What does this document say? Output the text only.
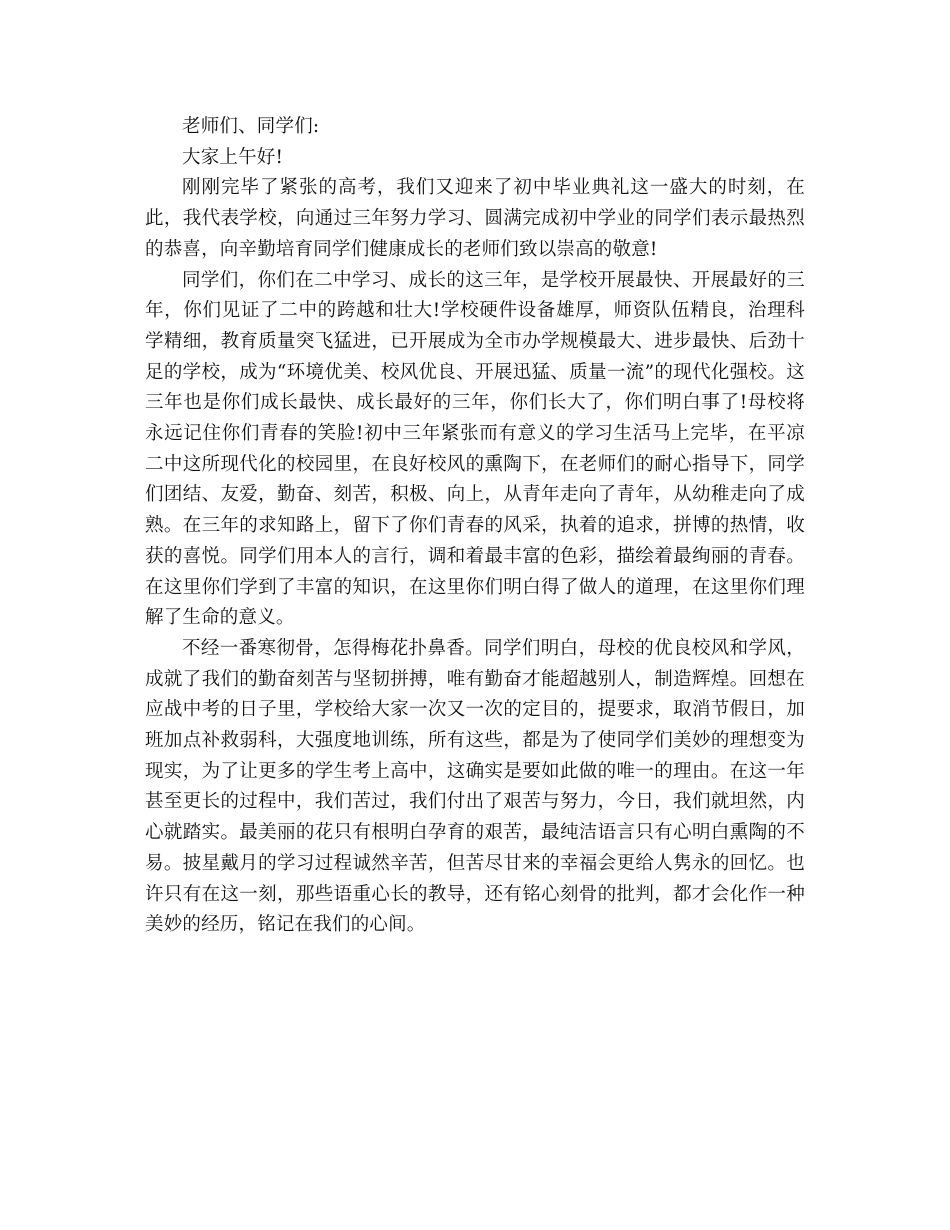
老师们、同学们:

大家上午好!

刚刚完毕了紧张的高考，我们又迎来了初中毕业典礼这一盛大的时刻，在此，我代表学校，向通过三年努力学习、圆满完成初中学业的同学们表示最热烈的恭喜，向辛勤培育同学们健康成长的老师们致以崇高的敬意!

同学们，你们在二中学习、成长的这三年，是学校开展最快、开展最好的三年，你们见证了二中的跨越和壮大!学校硬件设备雄厚，师资队伍精良，治理科学精细，教育质量突飞猛进，已开展成为全市办学规模最大、进步最快、后劲十足的学校，成为“环境优美、校风优良、开展迅猛、质量一流”的现代化强校。这三年也是你们成长最快、成长最好的三年，你们长大了，你们明白事了!母校将永远记住你们青春的笑脸!初中三年紧张而有意义的学习生活马上完毕，在平凉二中这所现代化的校园里，在良好校风的熏陶下，在老师们的耐心指导下，同学们团结、友爱，勤奋、刻苦，积极、向上，从青年走向了青年，从幼稚走向了成熟。在三年的求知路上，留下了你们青春的风采，执着的追求，拼博的热情，收获的喜悦。同学们用本人的言行，调和着最丰富的色彩，描绘着最绚丽的青春。在这里你们学到了丰富的知识，在这里你们明白得了做人的道理，在这里你们理解了生命的意义。

不经一番寒彻骨，怎得梅花扑鼻香。同学们明白，母校的优良校风和学风，成就了我们的勤奋刻苦与坚韧拼搏，唯有勤奋才能超越别人，制造辉煌。回想在应战中考的日子里，学校给大家一次又一次的定目的，提要求，取消节假日，加班加点补救弱科，大强度地训练，所有这些，都是为了使同学们美妙的理想变为现实，为了让更多的学生考上高中，这确实是要如此做的唯一的理由。在这一年甚至更长的过程中，我们苦过，我们付出了艰苦与努力，今日，我们就坦然，内心就踏实。最美丽的花只有根明白孕育的艰苦，最纯洁语言只有心明白熏陶的不易。披星戴月的学习过程诚然辛苦，但苦尽甘来的幸福会更给人隽永的回忆。也许只有在这一刻，那些语重心长的教导，还有铭心刻骨的批判，都才会化作一种美妙的经历，铭记在我们的心间。
